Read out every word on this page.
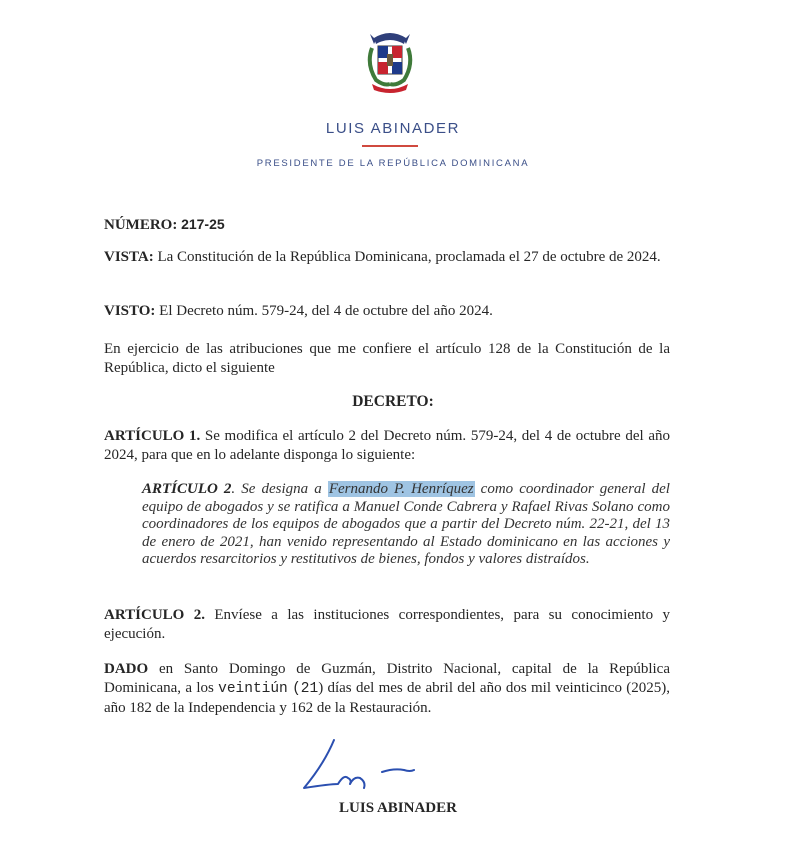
LUIS ABINADER
PRESIDENTE DE LA REPÚBLICA DOMINICANA
NÚMERO: 217-25

VISTA: La Constitución de la República Dominicana, proclamada el 27 de octubre de 2024.

VISTO: El Decreto núm. 579-24, del 4 de octubre del año 2024.

En ejercicio de las atribuciones que me confiere el artículo 128 de la Constitución de la República, dicto el siguiente

DECRETO:

ARTÍCULO 1. Se modifica el artículo 2 del Decreto núm. 579-24, del 4 de octubre del año 2024, para que en lo adelante disponga lo siguiente:

ARTÍCULO 2. Se designa a Fernando P. Henríquez como coordinador general del equipo de abogados y se ratifica a Manuel Conde Cabrera y Rafael Rivas Solano como coordinadores de los equipos de abogados que a partir del Decreto núm. 22-21, del 13 de enero de 2021, han venido representando al Estado dominicano en las acciones y acuerdos resarcitorios y restitutivos de bienes, fondos y valores distraídos.

ARTÍCULO 2. Envíese a las instituciones correspondientes, para su conocimiento y ejecución.

DADO en Santo Domingo de Guzmán, Distrito Nacional, capital de la República Dominicana, a los veintiún (21) días del mes de abril del año dos mil veinticinco (2025), año 182 de la Independencia y 162 de la Restauración.

LUIS ABINADER
